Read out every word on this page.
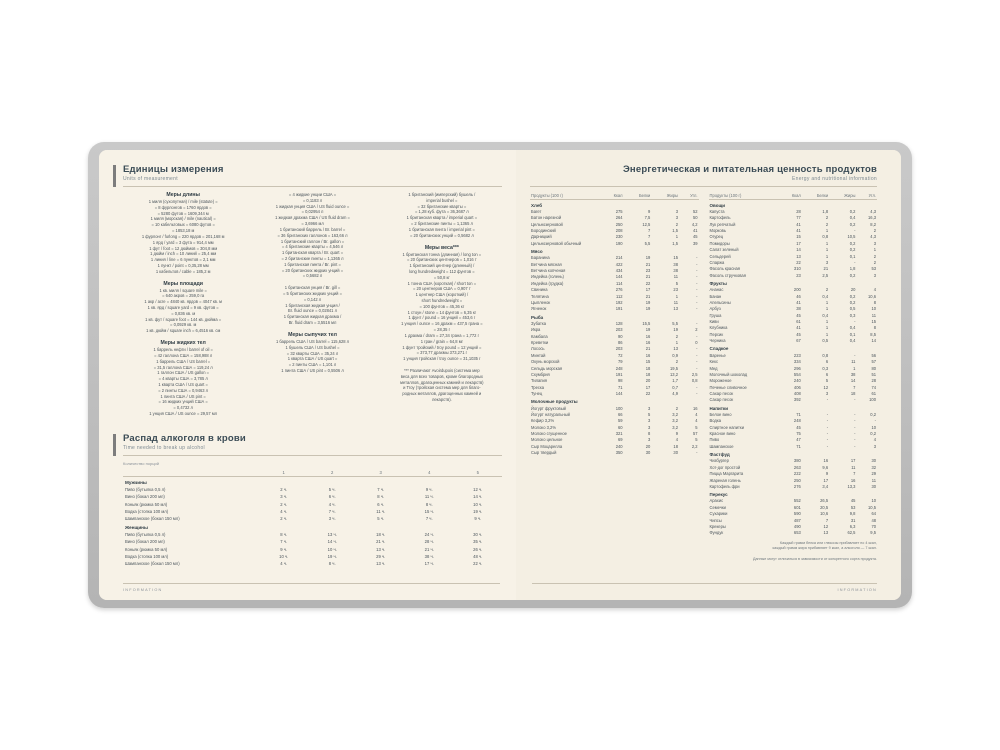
Единицы измерения
Units of measurement
Меры длины
1 миля (сухопутная) / mile (statute) =
= 8 фурлонгов = 1760 ярдов =
= 5280 футов = 1609,344 м
1 миля (морская) / mile (nautical) =
= 10 кабельтовых = 6080 футов =
= 1853,18 м
1 фурлонг / furlong = 220 ярдов = 201,168 м
1 ярд / yard = 3 фута = 914,4 мм
1 фут / foot = 12 дюймов = 304,8 мм
1 дюйм / inch = 10 линий = 25,4 мм
1 линия / line = 6 пунктов = 2,1 мм
1 пункт / point = 0,35,28 мм
1 кабельтов / cable = 185,2 м
Меры площади
1 кв. миля / square mile =
= 640 акров = 259,0 га
1 акр / acre = 4840 кв. ярдов = 4047 кв. м
1 кв. ярд / square yard = 9 кв. футов =
= 0,836 кв. м
1 кв. фут / square foot = 144 кв. дюйма =
= 0,0929 кв. м
1 кв. дюйм / square inch = 6,4516 кв. см
Меры жидких тел
1 баррель нефти / barrel of oil =
= 42 галлона США = 158,988 л
1 баррель США / US barrel =
= 31,5 галлона США = 119,24 л
1 галлон США / US gallon =
= 4 кварты США = 3,785 л
1 кварта США / US quart =
= 2 пинты США = 0,9463 л
1 пинта США / US pint =
= 16 жидких унций США =
= 0,4732 л
1 унция США / US ounce = 29,57 мл
= 4 жидкие унции США =
= 0,1183 л
1 жидкая унция США / US fluid ounce =
= 0,02954 л
1 жидкая драхма США / US fluid dram =
= 3,6966 мл
1 британский баррель / Br. barrel =
= 36 британских галлонов = 163,66 л
1 британский галлон / Br. gallon =
= 4 британские кварты = 4,546 л
1 британская кварта / Br. quart =
= 2 британские пинты = 1,1365 л
1 британская пинта / Br. pint =
= 20 британских жидких унций =
= 0,5682 л
1 британская унция / Br. gill =
= 5 британских жидких унций =
= 0,142 л
1 британская жидкая унция /
Br. fluid ounce = 0,02841 л
1 британская жидкая драхма /
Br. fluid dram = 3,5516 мл
Меры сыпучих тел
1 баррель США / US barrel = 115,628 л
1 бушель США / US bushel =
= 32 кварты США = 35,24 л
1 кварта США / US quart =
= 2 пинты США = 1,101 л
1 пинта США / US pint = 0,5506 л
1 британский (имперский) бушель /
imperial bushel =
= 32 британские кварты =
= 1,28 куб. фута = 36,3687 л
1 британская кварта / imperial quart =
= 2 британские пинты = 1,1365 л
1 британская пинта / imperial pint =
= 20 британских унций = 0,5682 л
Меры веса***
1 британская тонна (длинная) / long ton =
= 20 британских центнеров = 1,016 т
1 британский центнер (длинный) /
long hundredweight = 112 фунтов =
= 50,8 кг
1 тонна США (короткая) / short ton =
= 20 центнеров США = 0,907 т
1 центнер США (короткий) /
short hundredweight =
= 100 фунтов = 45,36 кг
1 стоун / stone = 14 фунтов = 6,35 кг
1 фунт / pound = 16 унций = 453,6 г
1 унция / ounce = 16 драхм = 437,5 грана =
= 28,35 г
1 драхма / dram = 27,34 грана = 1,772 г
1 гран / grain = 64,8 мг
1 фунт тройский / troy pound = 12 унций =
= 373,77 драхмы 373,271 г
1 унция тройская / troy ounce = 31,1035 г
*** Различают Avoirdupois (система мер
веса для всех товаров, кроме благородных
металлов, драгоценных камней и лекарств)
и Troy (тройская система мер для благо-
родных металлов, драгоценных камней и
лекарств).
Распад алкоголя в крови
Time needed to break up alcohol
Количество порций
	1	2	3	4	5
Мужчины					
Пиво (бутылка 0,5 л)	2 ч.	5 ч.	7 ч.	9 ч.	12 ч.
Вино (бокал 200 мл)	3 ч.	6 ч.	8 ч.	11 ч.	14 ч.
Коньяк (рюмка 50 мл)	2 ч.	4 ч.	6 ч.	8 ч.	10 ч.
Водка (стопка 100 мл)	4 ч.	7 ч.	11 ч.	15 ч.	19 ч.
Шампанское (бокал 150 мл)	2 ч.	3 ч.	5 ч.	7 ч.	9 ч.
Женщины					
Пиво (бутылка 0,5 л)	8 ч.	13 ч.	18 ч.	24 ч.	30 ч.
Вино (бокал 200 мл)	7 ч.	14 ч.	21 ч.	28 ч.	35 ч.
Коньяк (рюмка 50 мл)	9 ч.	10 ч.	13 ч.	21 ч.	26 ч.
Водка (стопка 100 мл)	10 ч.	19 ч.	29 ч.	38 ч.	48 ч.
Шампанское (бокал 150 мл)	4 ч.	8 ч.	13 ч.	17 ч.	22 ч.
INFORMATION
Энергетическая и питательная ценность продуктов
Energy and nutritional information
Продукты (100 г)	Ккал	Белки	Жиры	Угл.
Хлеб				
Багет	275	9	3	52
Батон нарезной	264	7,5	3	50
Цельнозерновой	250	12,5	2	4,2
Бородинский	208	7	1,5	41
Дарницкий	230	7	1	45
Цельнозерновой обычный	190	5,5	1,5	39
Мясо				
Баранина	214	19	15	-
Ветчина мясная	422	21	38	-
Ветчина копченая	434	23	38	-
Индейка (голень)	144	21	11	-
Индейка (грудка)	114	22	5	-
Свинина	276	17	23	-
Телятина	112	21	1	-
Цыпленок	192	19	11	-
Ягненок	191	19	13	-
Рыба				
Зубатка	128	15,5	5,5	-
Икра	203	19	19	2
Камбала	90	16	2	-
Креветки	86	16	1	0
Лосось	203	21	13	-
Минтай	72	16	0,9	-
Окунь морской	79	15	2	-
Сельдь морская	248	18	19,5	-
Скумбрия	191	18	13,2	2,5
Тилапия	98	20	1,7	0,8
Треска	71	17	0,7	-
Тунец	144	22	4,9	-
Молочные продукты				
Йогурт фруктовый	100	3	2	16
Йогурт натуральный	66	5	3,2	4
Кефир 3,2%	59	3	3,2	4
Молоко 3,2%	60	3	3,2	5
Молоко сгущенное	321	8	9	57
Молоко цельное	69	3	4	5
Сыр Моцарелла	240	20	18	2,2
Сыр твердый	350	30	30	-
Продукты (100 г)	Ккал	Белки	Жиры	Угл.
Овощи				
Капуста	28	1,8	0,2	4,3
Картофель	77	2	0,4	16,3
Лук репчатый	41	2	0,2	8,2
Морковь	41	1	-	2
Огурец	15	0,8	10,5	4,3
Помидоры	17	1	0,2	3
Салат зеленый	14	1	0,2	1
Сельдерей	13	1	0,1	2
Спаржа	22	3	-	2
Фасоль красная	310	21	1,8	53
Фасоль стручковая	23	2,5	0,2	3
Фрукты				
Ананас	200	2	20	4
Банан	46	0,4	0,2	10,6
Апельсины	41	1	0,2	8
Арбуз	38	1	0,5	10
Груша	45	0,4	0,3	11
Киви	61	1	-	15
Клубника	41	1	0,4	8
Персик	45	1	0,1	8,5
Черника	67	0,5	0,4	14
Сладкое				
Варенье	223	0,8	-	56
Кекс	334	6	11	57
Мед	296	0,3	1	80
Молочный шоколад	554	6	38	51
Мороженое	240	5	14	28
Печенье сливочное	406	12	7	74
Сахар песок	408	3	18	61
Сахар песок	392	-	-	100
Напитки				
Белое вино	71	-	-	0,2
Водка	248	-	-	-
Спиртное напитки	45	-	-	10
Красное вино	75	-	-	0,2
Пиво	47	-	-	4
Шампанское	71	-	-	3
Фастфуд				
Чизбургер	380	16	17	30
Хот-дог простой	263	9,6	11	32
Пицца Маргарита	222	9	7	29
Жареная голень	250	17	16	11
Картофель фри	276	3,4	13,3	30
Перекус				
Арахис	552	26,5	45	10
Семечки	601	20,5	53	10,5
Сухарики	590	10,6	9,8	64
Чипсы	487	7	31	48
Крекеры	490	12	6,3	70
Фундук	653	13	62,5	9,5
Каждый грамм белка или глюкозы прибавляет по 4 ккал,
каждый грамм жира прибавляет 9 ккал, а алкоголя — 7 ккал.
Данные могут отличаться в зависимости от конкретного сорта продукта.
INFORMATION
